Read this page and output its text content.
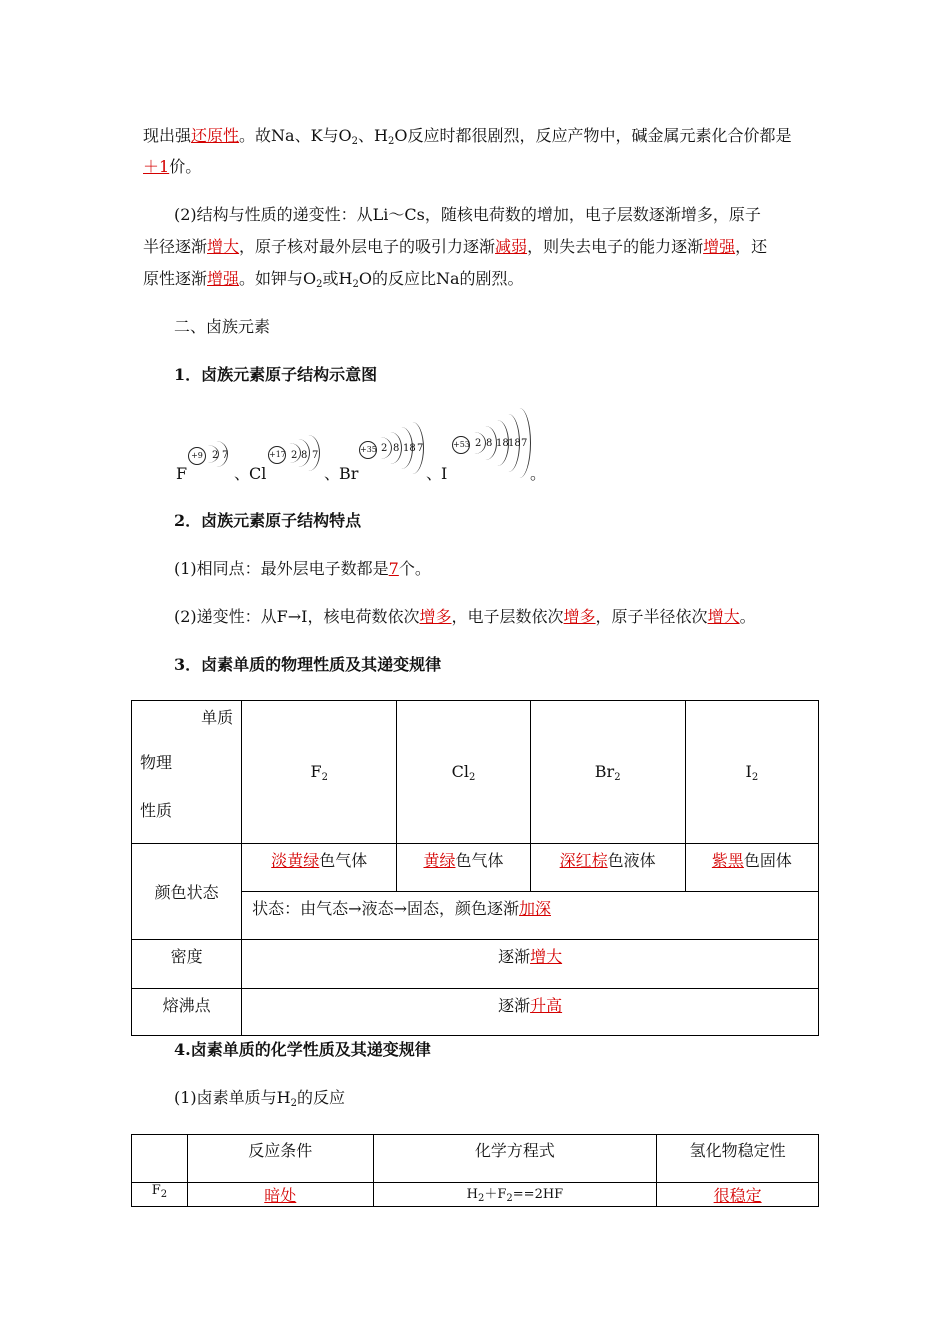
现出强还原性。故Na、K与$O_2$、$H_2O$反应时都很剧烈，反应产物中，碱金属元素化合价都是
＋1价。
(2)结构与性质的递变性：从Li～Cs，随核电荷数的增加，电子层数逐渐增多，原子
半径逐渐增大，原子核对最外层电子的吸引力逐渐减弱，则失去电子的能力逐渐增强，还
原性逐渐增强。如钾与$O_2$或$H_2O$的反应比Na的剧烈。
二、卤族元素
1．卤族元素原子结构示意图
F
+9 2 7
、
Cl
+17 2 8 7
、
Br
+35 2 8 18 7
、
I
+53 2 8 18 18 7
。
2．卤族元素原子结构特点
(1)相同点：最外层电子数都是7个。
(2)递变性：从F→I，核电荷数依次增多，电子层数依次增多，原子半径依次增大。
3．卤素单质的物理性质及其递变规律
单质
物理
性质	$F_2$	$Cl_2$	$Br_2$	$I_2$
颜色状态	淡黄绿色气体	黄绿色气体	深红棕色液体	紫黑色固体
	状态：由气态→液态→固态，颜色逐渐加深			
密度	逐渐增大			
熔沸点	逐渐升高			
4.卤素单质的化学性质及其递变规律
(1)卤素单质与$H_2$的反应
	反应条件	化学方程式	氢化物稳定性
$F_2$	暗处	$H_2+F_2==2HF$	很稳定
